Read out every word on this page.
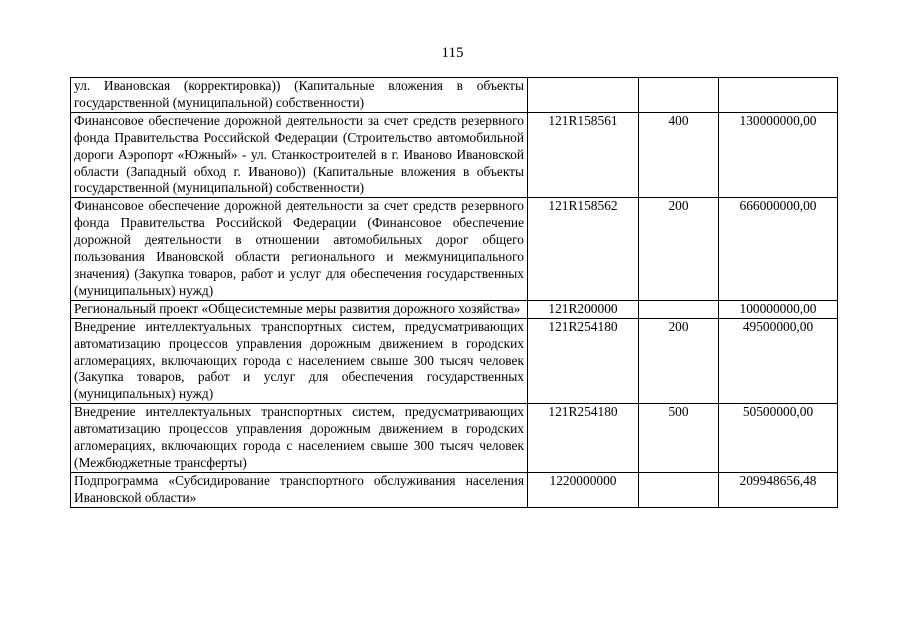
115
ул. Ивановская (корректировка)) (Капитальные вложения в объекты государственной (муниципальной) собственности)			
Финансовое обеспечение дорожной деятельности за счет средств резервного фонда Правительства Российской Федерации (Строительство автомобильной дороги Аэропорт «Южный» - ул. Станкостроителей в г. Иваново Ивановской области (Западный обход г. Иваново)) (Капитальные вложения в объекты государственной (муниципальной) собственности)	121R158561	400	130000000,00
Финансовое обеспечение дорожной деятельности за счет средств резервного фонда Правительства Российской Федерации (Финансовое обеспечение дорожной деятельности в отношении автомобильных дорог общего пользования Ивановской области регионального и межмуниципального значения) (Закупка товаров, работ и услуг для обеспечения государственных (муниципальных) нужд)	121R158562	200	666000000,00
Региональный проект «Общесистемные меры развития дорожного хозяйства»	121R200000		100000000,00
Внедрение интеллектуальных транспортных систем, предусматривающих автоматизацию процессов управления дорожным движением в городских агломерациях, включающих города с населением свыше 300 тысяч человек (Закупка товаров, работ и услуг для обеспечения государственных (муниципальных) нужд)	121R254180	200	49500000,00
Внедрение интеллектуальных транспортных систем, предусматривающих автоматизацию процессов управления дорожным движением в городских агломерациях, включающих города с населением свыше 300 тысяч человек (Межбюджетные трансферты)	121R254180	500	50500000,00
Подпрограмма «Субсидирование транспортного обслуживания населения Ивановской области»	1220000000		209948656,48
